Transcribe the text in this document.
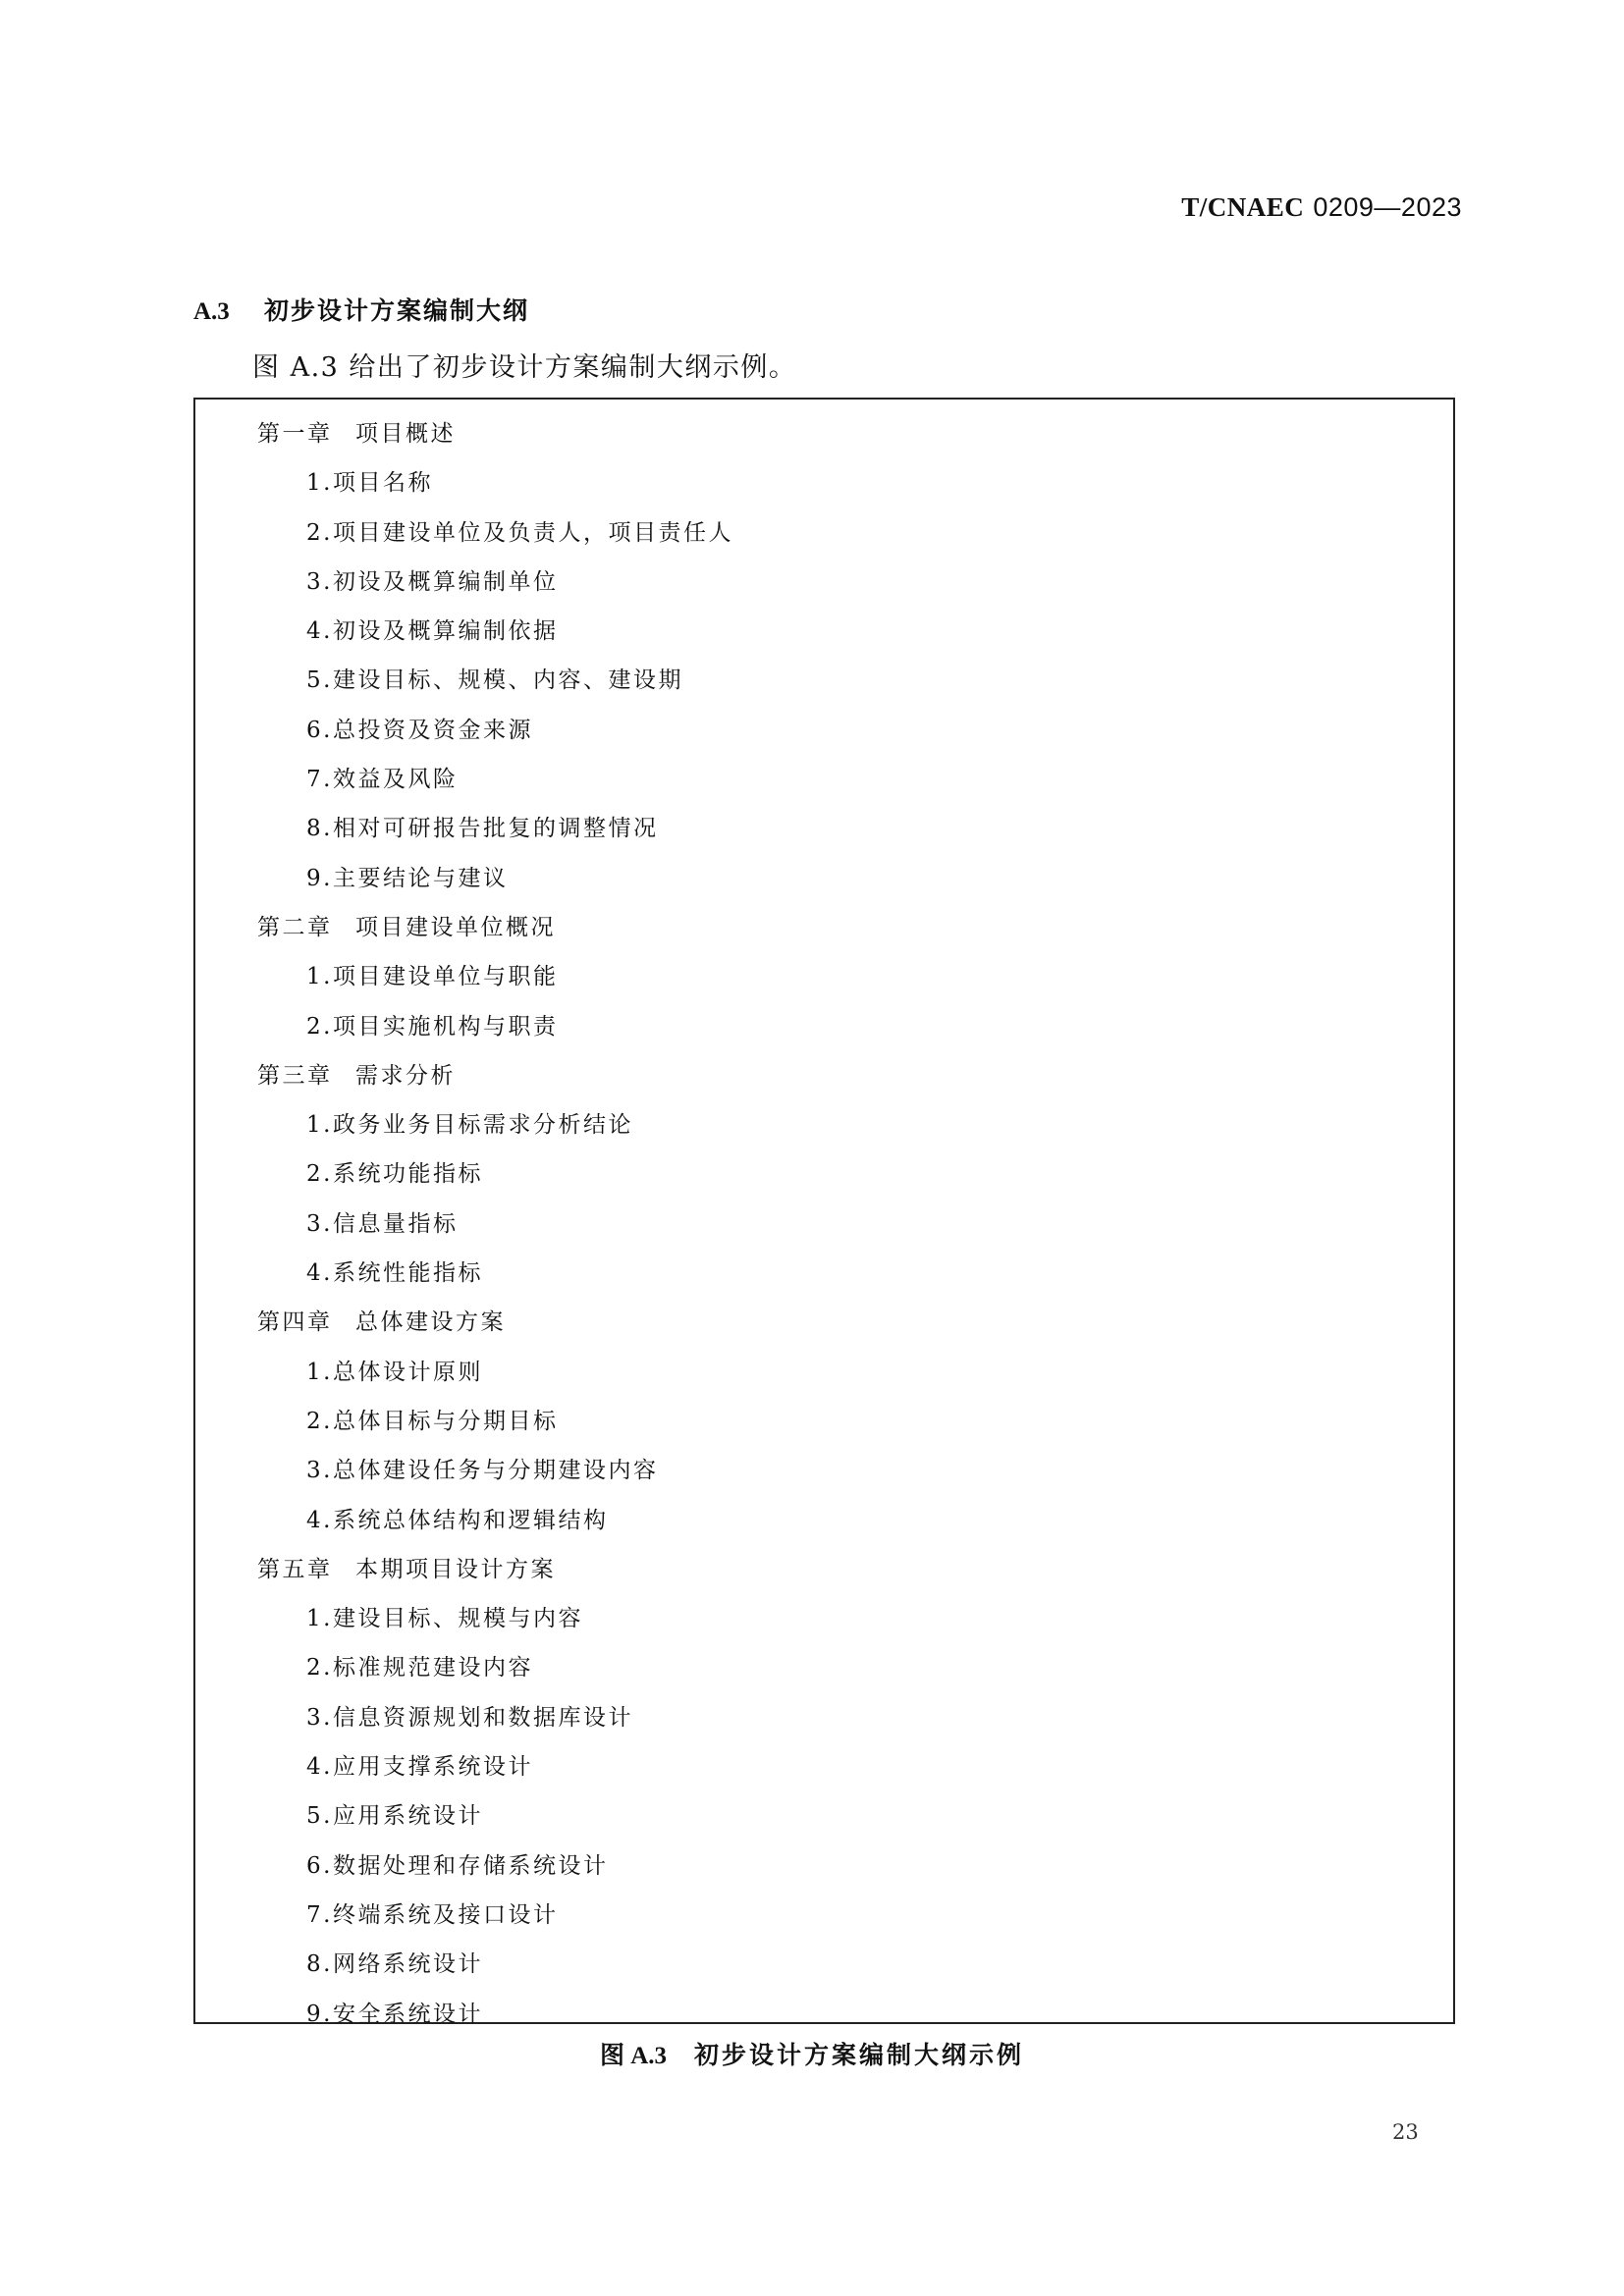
T/CNAEC 0209—2023
A.3 初步设计方案编制大纲
图 A.3 给出了初步设计方案编制大纲示例。
第一章 项目概述
1.项目名称
2.项目建设单位及负责人，项目责任人
3.初设及概算编制单位
4.初设及概算编制依据
5.建设目标、规模、内容、建设期
6.总投资及资金来源
7.效益及风险
8.相对可研报告批复的调整情况
9.主要结论与建议
第二章 项目建设单位概况
1.项目建设单位与职能
2.项目实施机构与职责
第三章 需求分析
1.政务业务目标需求分析结论
2.系统功能指标
3.信息量指标
4.系统性能指标
第四章 总体建设方案
1.总体设计原则
2.总体目标与分期目标
3.总体建设任务与分期建设内容
4.系统总体结构和逻辑结构
第五章 本期项目设计方案
1.建设目标、规模与内容
2.标准规范建设内容
3.信息资源规划和数据库设计
4.应用支撑系统设计
5.应用系统设计
6.数据处理和存储系统设计
7.终端系统及接口设计
8.网络系统设计
9.安全系统设计
图 A.3 初步设计方案编制大纲示例
23
